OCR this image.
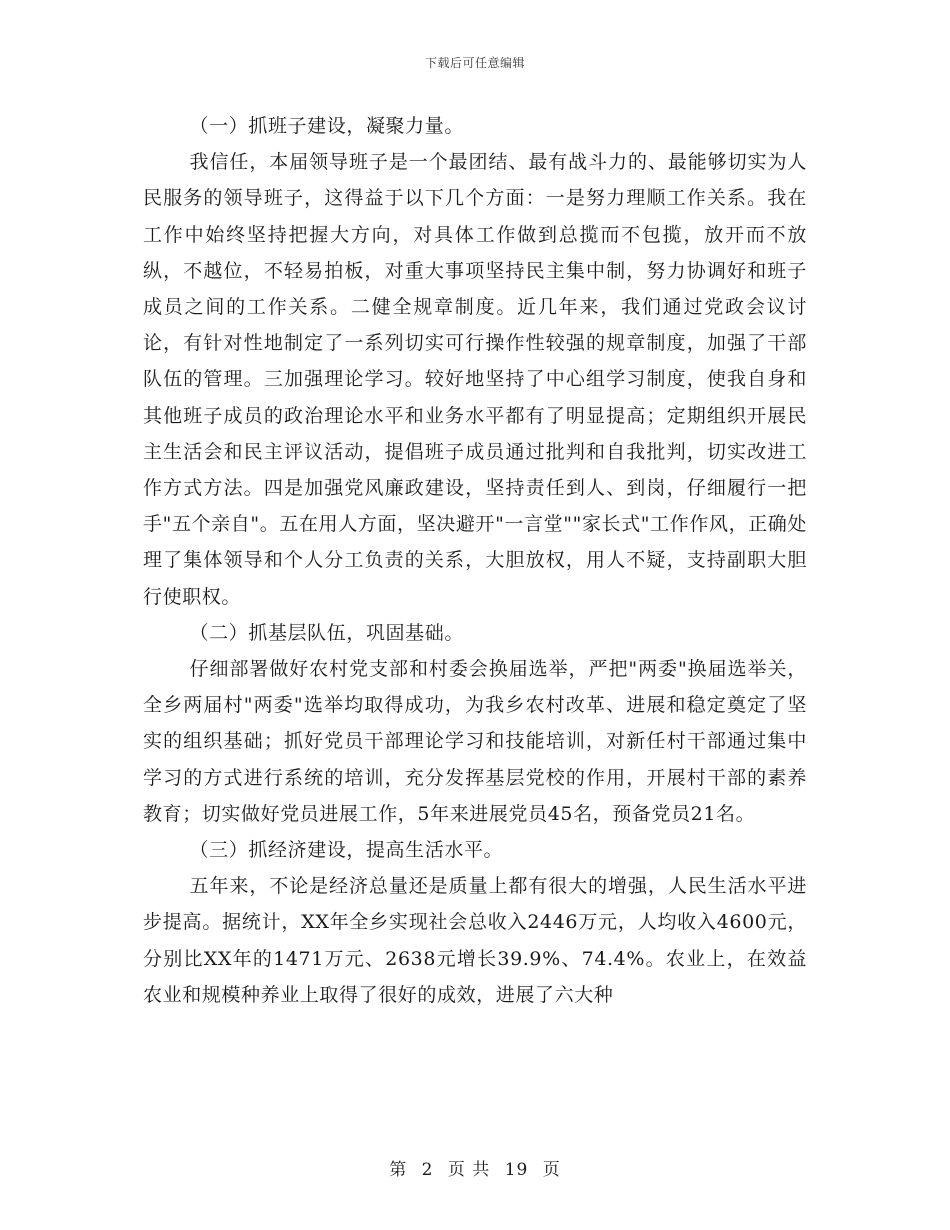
下载后可任意编辑

（一）抓班子建设，凝聚力量。

我信任，本届领导班子是一个最团结、最有战斗力的、最能够切实为人民服务的领导班子，这得益于以下几个方面：一是努力理顺工作关系。我在工作中始终坚持把握大方向，对具体工作做到总揽而不包揽，放开而不放纵，不越位，不轻易拍板，对重大事项坚持民主集中制，努力协调好和班子成员之间的工作关系。二健全规章制度。近几年来，我们通过党政会议讨论，有针对性地制定了一系列切实可行操作性较强的规章制度，加强了干部队伍的管理。三加强理论学习。较好地坚持了中心组学习制度，使我自身和其他班子成员的政治理论水平和业务水平都有了明显提高；定期组织开展民主生活会和民主评议活动，提倡班子成员通过批判和自我批判，切实改进工作方式方法。四是加强党风廉政建设，坚持责任到人、到岗，仔细履行一把手"五个亲自"。五在用人方面，坚决避开"一言堂""家长式"工作作风，正确处理了集体领导和个人分工负责的关系，大胆放权，用人不疑，支持副职大胆行使职权。

（二）抓基层队伍，巩固基础。

仔细部署做好农村党支部和村委会换届选举，严把"两委"换届选举关，全乡两届村"两委"选举均取得成功，为我乡农村改革、进展和稳定奠定了坚实的组织基础；抓好党员干部理论学习和技能培训，对新任村干部通过集中学习的方式进行系统的培训，充分发挥基层党校的作用，开展村干部的素养教育；切实做好党员进展工作，5年来进展党员45名，预备党员21名。

（三）抓经济建设，提高生活水平。

五年来，不论是经济总量还是质量上都有很大的增强，人民生活水平进步提高。据统计，XX年全乡实现社会总收入2446万元，人均收入4600元，分别比XX年的1471万元、2638元增长39.9%、74.4%。农业上，在效益农业和规模种养业上取得了很好的成效，进展了六大种

第 2 页 共 19 页
